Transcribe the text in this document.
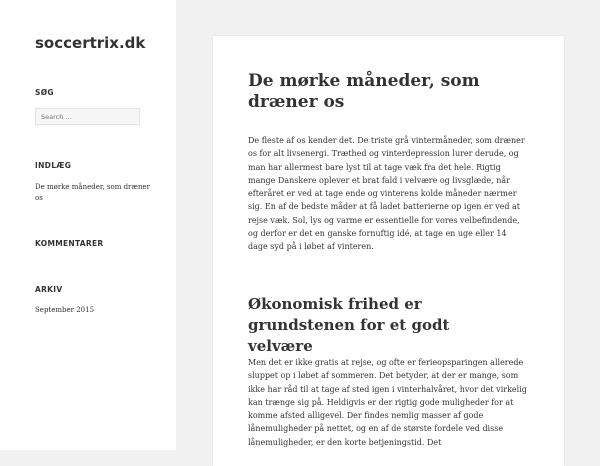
soccertrix.dk
SØG
Search …
INDLÆG

De mørke måneder, som dræner os

KOMMENTARER
ARKIV

September 2015

De mørke måneder, som dræner os

De fleste af os kender det. De triste grå vintermåneder, som dræner os for alt livsenergi. Træthed og vinterdepression lurer derude, og man har allermest bare lyst til at tage væk fra det hele. Rigtig mange Danskere oplever et brat fald i velvære og livsglæde, når efteråret er ved at tage ende og vinterens kolde måneder nærmer sig. En af de bedste måder at få ladet batterierne op igen er ved at rejse væk. Sol, lys og varme er essentielle for vores velbefindende, og derfor er det en ganske fornuftig idé, at tage en uge eller 14 dage syd på i løbet af vinteren.

Økonomisk frihed er grundstenen for et godt velvære

Men det er ikke gratis at rejse, og ofte er ferieopsparingen allerede sluppet op i løbet af sommeren. Det betyder, at der er mange, som ikke har råd til at tage af sted igen i vinterhalvåret, hvor det virkelig kan trænge sig på. Heldigvis er der rigtig gode muligheder for at komme afsted alligevel. Der findes nemlig masser af gode lånemuligheder på nettet, og en af de største fordele ved disse lånemuligheder, er den korte betjeningstid. Det
